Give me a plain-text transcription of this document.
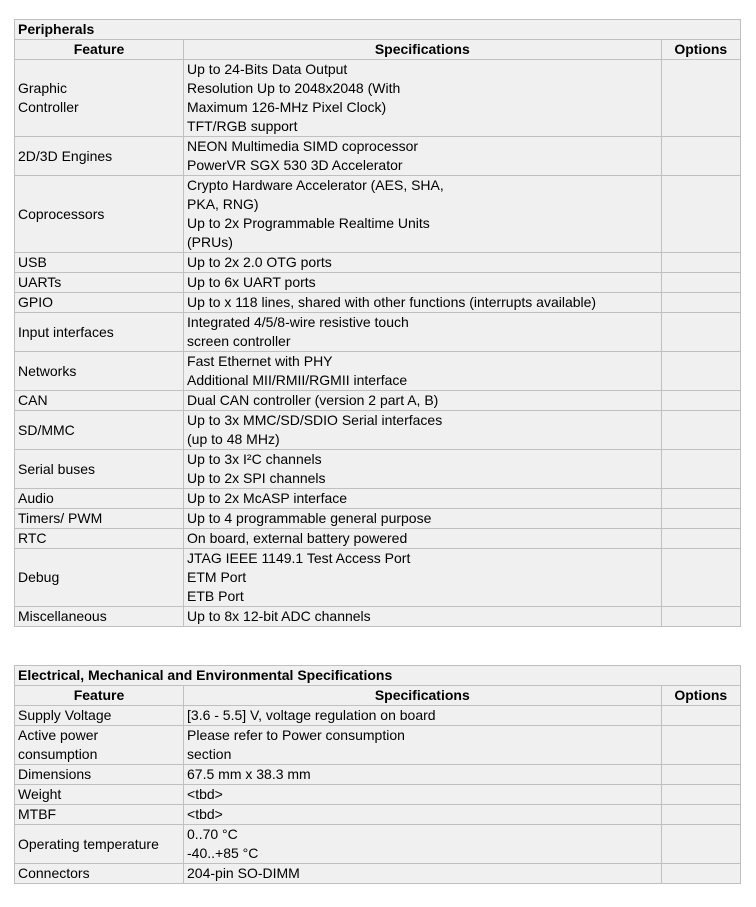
Peripherals		
Feature	Specifications	Options

Graphic
Controller	Up to 24-Bits Data Output
Resolution Up to 2048x2048 (With
Maximum 126-MHz Pixel Clock)
TFT/RGB support	

2D/3D Engines	NEON Multimedia SIMD coprocessor
PowerVR SGX 530 3D Accelerator	

Coprocessors	Crypto Hardware Accelerator (AES, SHA,
PKA, RNG)
Up to 2x Programmable Realtime Units
(PRUs)	

USB	Up to 2x 2.0 OTG ports	

UARTs	Up to 6x UART ports	

GPIO	Up to x 118 lines, shared with other functions (interrupts available)	

Input interfaces	Integrated 4/5/8-wire resistive touch
screen controller	

Networks	Fast Ethernet with PHY
Additional MII/RMII/RGMII interface	

CAN	Dual CAN controller (version 2 part A, B)	

SD/MMC	Up to 3x MMC/SD/SDIO Serial interfaces
(up to 48 MHz)	

Serial buses	Up to 3x I²C channels
Up to 2x SPI channels	

Audio	Up to 2x McASP interface	

Timers/ PWM	Up to 4 programmable general purpose	

RTC	On board, external battery powered	

Debug	JTAG IEEE 1149.1 Test Access Port
ETM Port
ETB Port	

Miscellaneous	Up to 8x 12-bit ADC channels	

Electrical, Mechanical and Environmental Specifications		
Feature	Specifications	Options

Supply Voltage	[3.6 - 5.5] V, voltage regulation on board	

Active power
consumption	Please refer to Power consumption
section	

Dimensions	67.5 mm x 38.3 mm	

Weight	<tbd>	

MTBF	<tbd>	

Operating temperature	0..70 °C
-40..+85 °C	

Connectors	204-pin SO-DIMM	
